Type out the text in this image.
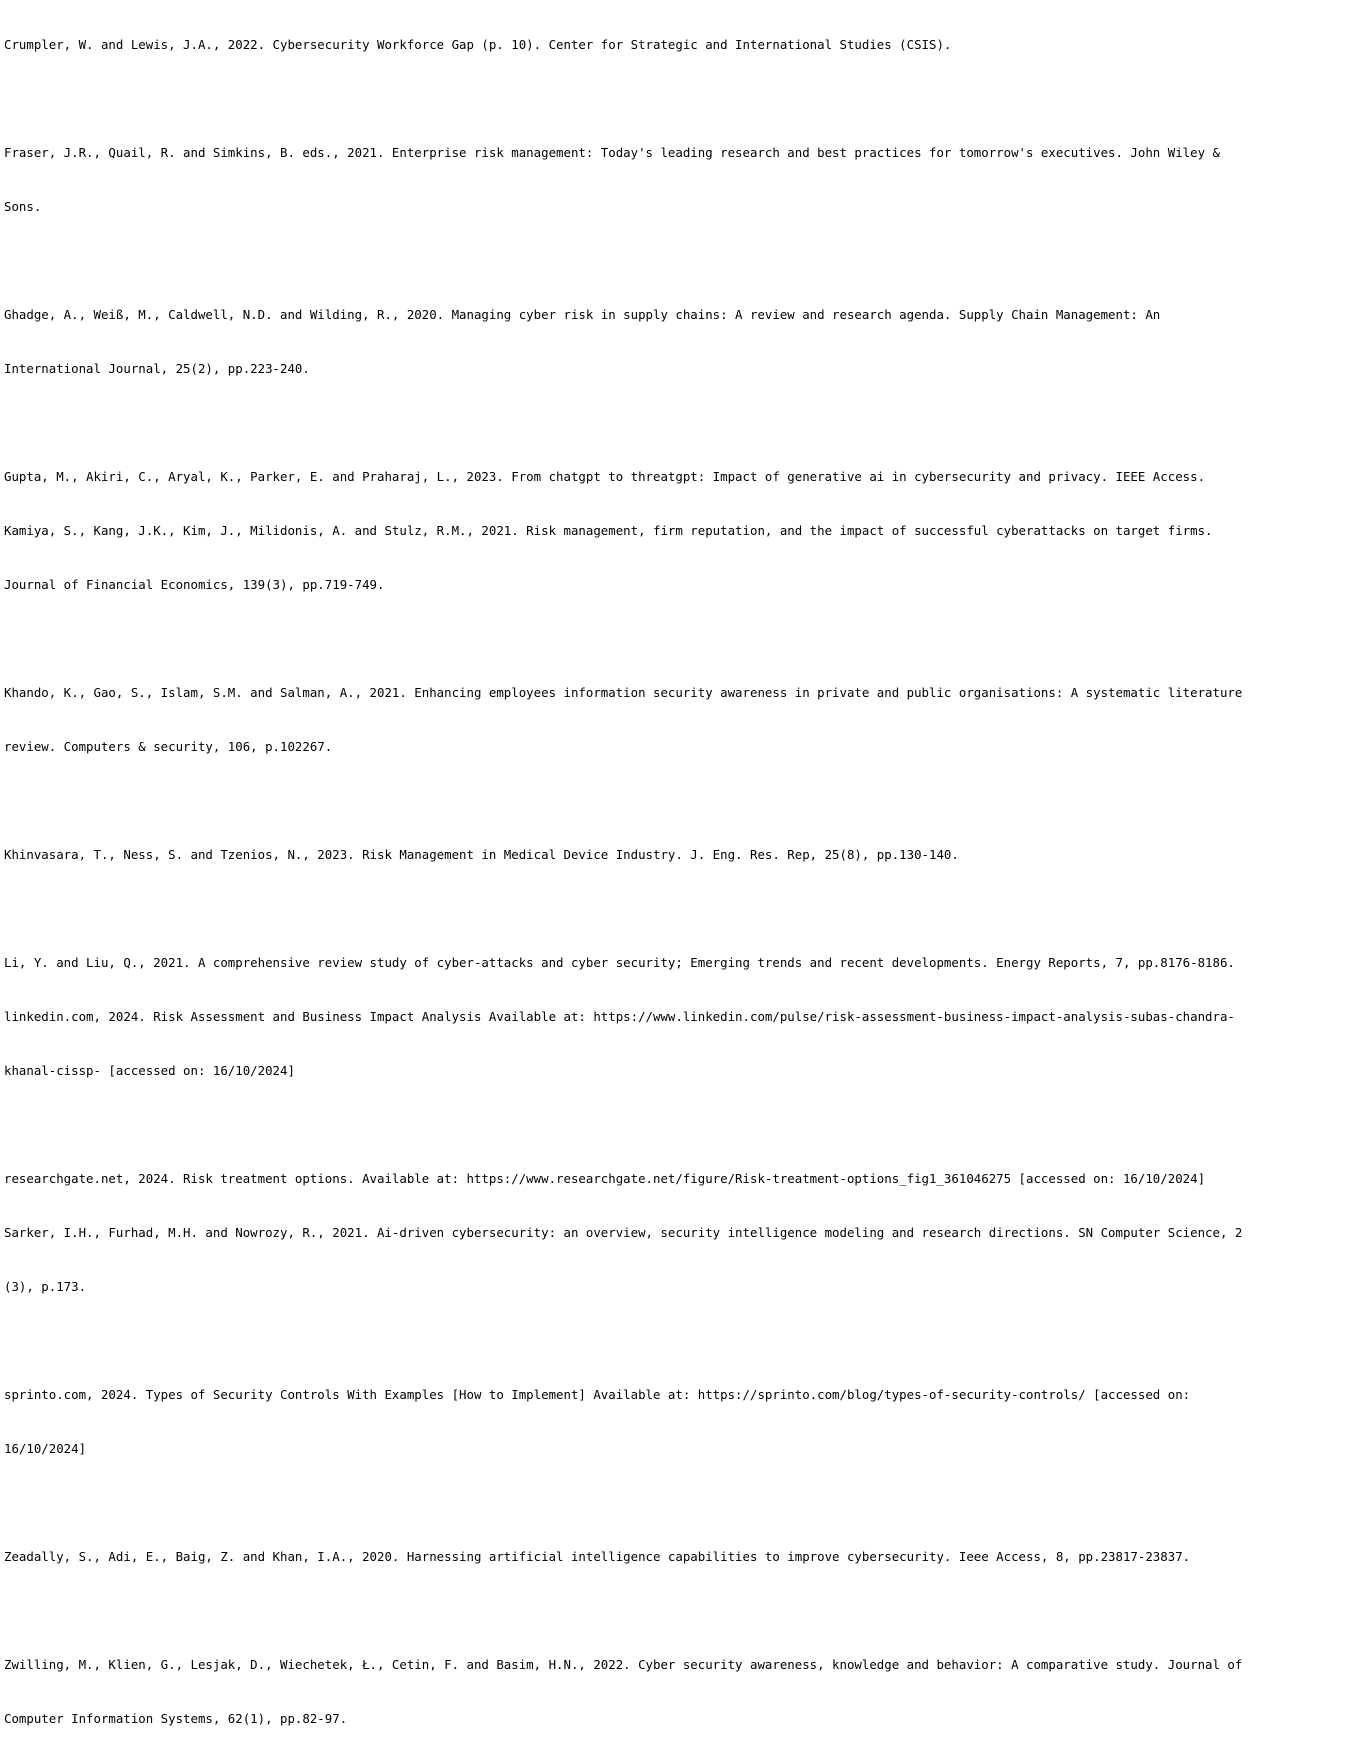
Crumpler, W. and Lewis, J.A., 2022. Cybersecurity Workforce Gap (p. 10). Center for Strategic and International Studies (CSIS).

Fraser, J.R., Quail, R. and Simkins, B. eds., 2021. Enterprise risk management: Today's leading research and best practices for tomorrow's executives. John Wiley &

Sons.

Ghadge, A., Weiß, M., Caldwell, N.D. and Wilding, R., 2020. Managing cyber risk in supply chains: A review and research agenda. Supply Chain Management: An

International Journal, 25(2), pp.223-240.

Gupta, M., Akiri, C., Aryal, K., Parker, E. and Praharaj, L., 2023. From chatgpt to threatgpt: Impact of generative ai in cybersecurity and privacy. IEEE Access.

Kamiya, S., Kang, J.K., Kim, J., Milidonis, A. and Stulz, R.M., 2021. Risk management, firm reputation, and the impact of successful cyberattacks on target firms.

Journal of Financial Economics, 139(3), pp.719-749.

Khando, K., Gao, S., Islam, S.M. and Salman, A., 2021. Enhancing employees information security awareness in private and public organisations: A systematic literature

review. Computers & security, 106, p.102267.

Khinvasara, T., Ness, S. and Tzenios, N., 2023. Risk Management in Medical Device Industry. J. Eng. Res. Rep, 25(8), pp.130-140.

Li, Y. and Liu, Q., 2021. A comprehensive review study of cyber-attacks and cyber security; Emerging trends and recent developments. Energy Reports, 7, pp.8176-8186.

linkedin.com, 2024. Risk Assessment and Business Impact Analysis Available at: https://www.linkedin.com/pulse/risk-assessment-business-impact-analysis-subas-chandra-

khanal-cissp- [accessed on: 16/10/2024]

researchgate.net, 2024. Risk treatment options. Available at: https://www.researchgate.net/figure/Risk-treatment-options_fig1_361046275 [accessed on: 16/10/2024]

Sarker, I.H., Furhad, M.H. and Nowrozy, R., 2021. Ai-driven cybersecurity: an overview, security intelligence modeling and research directions. SN Computer Science, 2

(3), p.173.

sprinto.com, 2024. Types of Security Controls With Examples [How to Implement] Available at: https://sprinto.com/blog/types-of-security-controls/ [accessed on:

16/10/2024]

Zeadally, S., Adi, E., Baig, Z. and Khan, I.A., 2020. Harnessing artificial intelligence capabilities to improve cybersecurity. Ieee Access, 8, pp.23817-23837.

Zwilling, M., Klien, G., Lesjak, D., Wiechetek, Ł., Cetin, F. and Basim, H.N., 2022. Cyber security awareness, knowledge and behavior: A comparative study. Journal of

Computer Information Systems, 62(1), pp.82-97.
